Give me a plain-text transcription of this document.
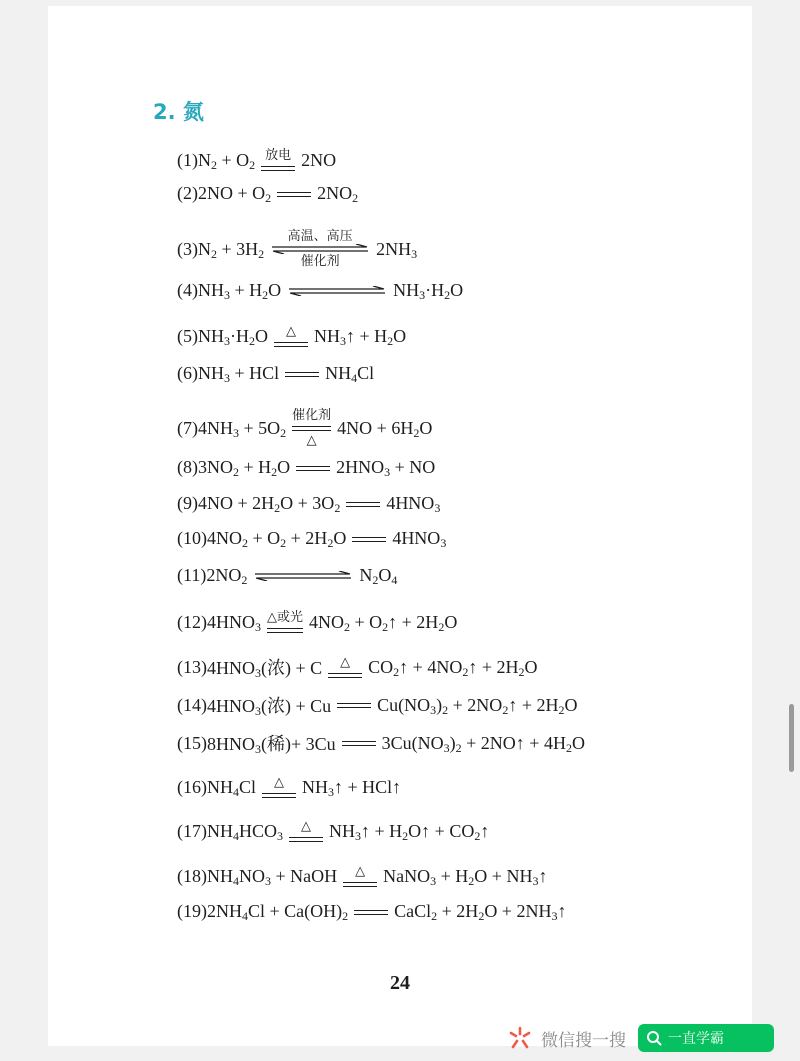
2. 氮
(1) $N_2 + O_2$
放电 2NO
(2) $2NO + O_2$	$2NO_2$
(3) $N_2 + 3H_2$
高温、高压
催化剂
$2NH_3$
(4) $NH_3 + H_2O$	$NH_3\cdot H_2O$
(5) $NH_3\cdot H_2O$ △ $NH_3↑ + H_2O$
(6) $NH_3$ + HCl	$NH_4Cl$
(7) $4NH_3 + 5O_2$
催化剂
△
$4NO + 6H_2O$
(8) $3NO_2 + H_2O$	$2HNO_3$ + NO
(9) $4NO + 2H_2O + 3O_2$	$4HNO_3$
(10) $4NO_2 + O_2 + 2H_2O$	$4HNO_3$
(11) $2NO_2$	$N_2O_4$
(12) $4HNO_3$
△或光 $4NO_2$ + $O_2↑ + 2H_2O$
(13) $4HNO_3$(浓) + C △ $CO_2↑$ + $4NO_2↑ + 2H_2O$
(14) $4HNO_3$(浓) + Cu	$Cu(NO_3)_2$ + $2NO_2↑ + 2H_2O$
(15) $8HNO_3$(稀)+ 3Cu	$3Cu(NO_3)_2$ + 2NO↑ + $4H_2O$
(16) $NH_4Cl$ △ $NH_3↑$ + HCl↑
(17) $NH_4HCO_3$
△ $NH_3↑$ + $H_2O↑$ + $CO_2↑$
(18) $NH_4NO_3$ + NaOH △ NaNO$_3$ + $H_2O$ + $NH_3↑$
(19) $2NH_4Cl + Ca(OH)_2$	CaCl$_2$ + $2H_2O$ + $2NH_3↑$
24
微信搜一搜	一直学霸
